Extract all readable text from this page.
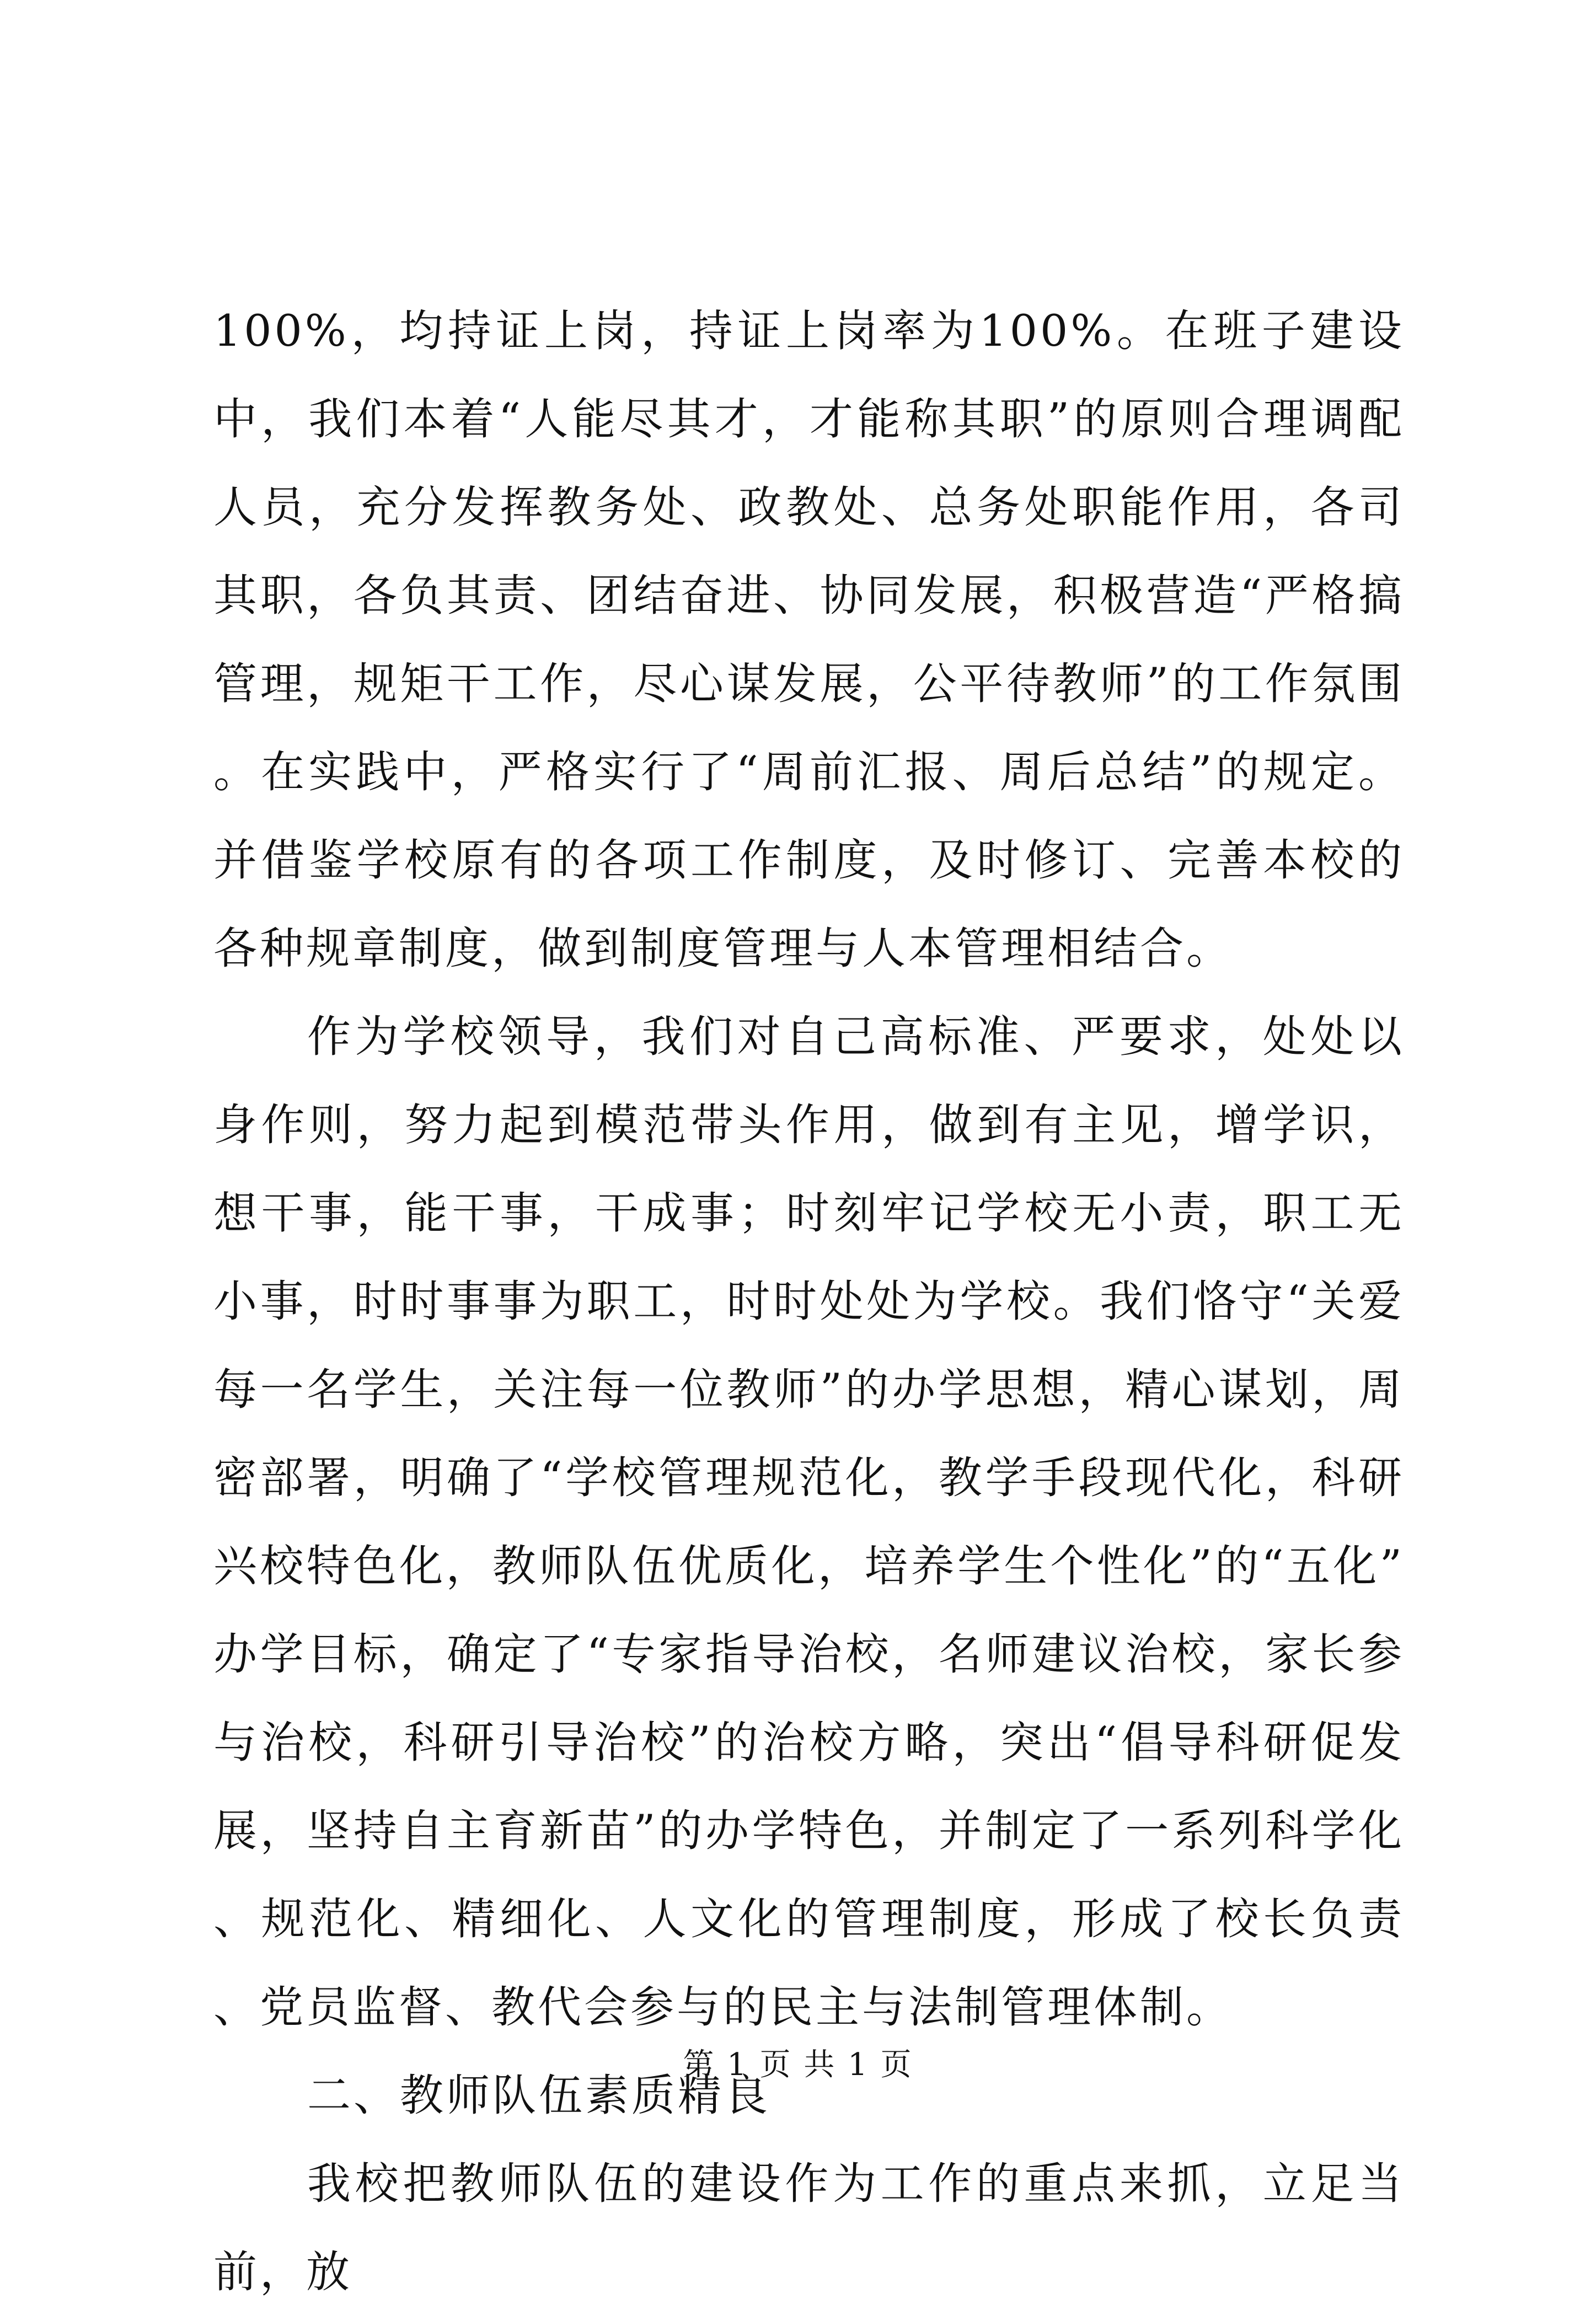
100%，均持证上岗，持证上岗率为100%。在班子建设中，我们本着“人能尽其才，才能称其职”的原则合理调配人员，充分发挥教务处、政教处、总务处职能作用，各司其职，各负其责、团结奋进、协同发展，积极营造“严格搞管理，规矩干工作，尽心谋发展，公平待教师”的工作氛围。在实践中，严格实行了“周前汇报、周后总结”的规定。并借鉴学校原有的各项工作制度，及时修订、完善本校的各种规章制度，做到制度管理与人本管理相结合。

作为学校领导，我们对自己高标准、严要求，处处以身作则，努力起到模范带头作用，做到有主见，增学识，想干事，能干事，干成事；时刻牢记学校无小责，职工无小事，时时事事为职工，时时处处为学校。我们恪守“关爱每一名学生，关注每一位教师”的办学思想，精心谋划，周密部署，明确了“学校管理规范化，教学手段现代化，科研兴校特色化，教师队伍优质化，培养学生个性化”的“五化”办学目标，确定了“专家指导治校，名师建议治校，家长参与治校，科研引导治校”的治校方略，突出“倡导科研促发展，坚持自主育新苗”的办学特色，并制定了一系列科学化、规范化、精细化、人文化的管理制度，形成了校长负责、党员监督、教代会参与的民主与法制管理体制。

二、教师队伍素质精良

我校把教师队伍的建设作为工作的重点来抓，立足当前，放

第 1 页 共 1 页
